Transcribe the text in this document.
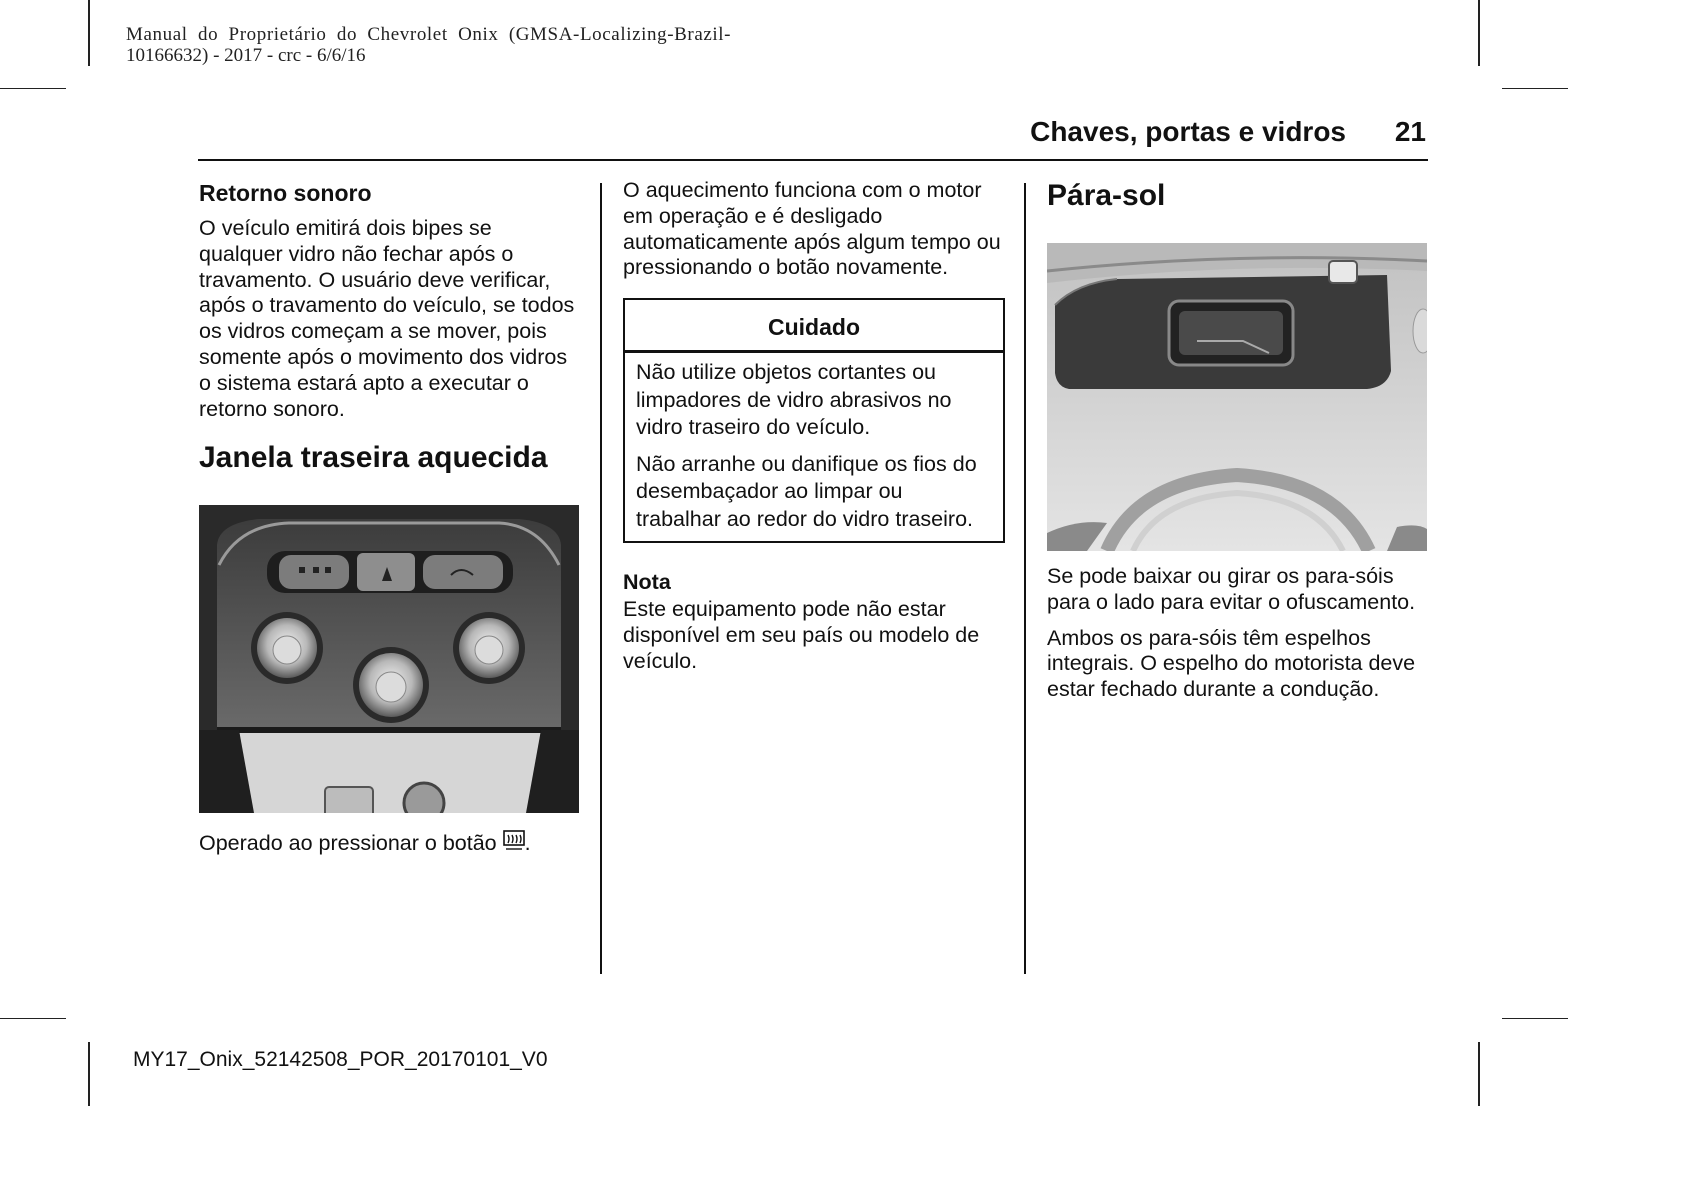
Manual do Proprietário do Chevrolet Onix (GMSA-Localizing-Brazil-
10166632) - 2017 - crc - 6/6/16
Chaves, portas e vidros 21
Retorno sonoro

O veículo emitirá dois bipes se qualquer vidro não fechar após o travamento. O usuário deve verificar, após o travamento do veículo, se todos os vidros começam a se mover, pois somente após o movimento dos vidros o sistema estará apto a executar o retorno sonoro.

Janela traseira aquecida

Operado ao pressionar o botão .

O aquecimento funciona com o motor em operação e é desligado automaticamente após algum tempo ou pressionando o botão novamente.

Cuidado

Não utilize objetos cortantes ou limpadores de vidro abrasivos no vidro traseiro do veículo.

Não arranhe ou danifique os fios do desembaçador ao limpar ou trabalhar ao redor do vidro traseiro.

Nota

Este equipamento pode não estar disponível em seu país ou modelo de veículo.

Pára-sol

Se pode baixar ou girar os para-sóis para o lado para evitar o ofuscamento.

Ambos os para-sóis têm espelhos integrais. O espelho do motorista deve estar fechado durante a condução.

MY17_Onix_52142508_POR_20170101_V0
